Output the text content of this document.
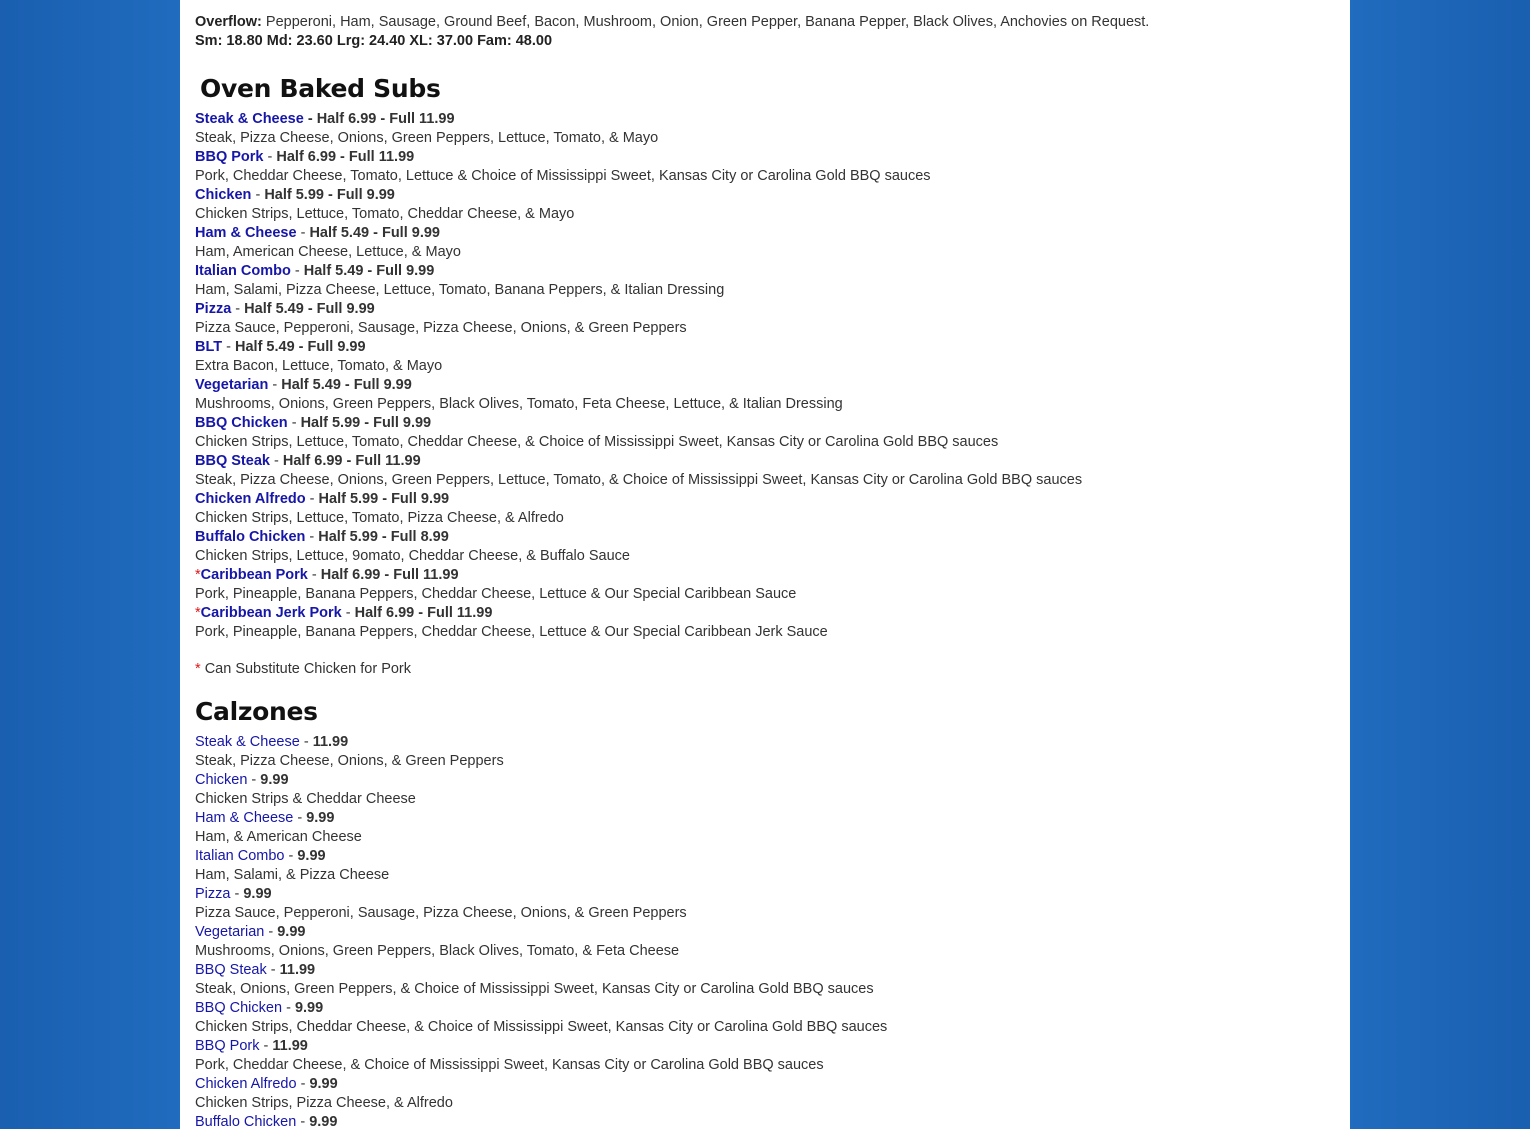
Overflow: Pepperoni, Ham, Sausage, Ground Beef, Bacon, Mushroom, Onion, Green Pepper, Banana Pepper, Black Olives, Anchovies on Request.
Sm: 18.80 Md: 23.60 Lrg: 24.40 XL: 37.00 Fam: 48.00
Oven Baked Subs
Steak & Cheese - Half 6.99 - Full 11.99
Steak, Pizza Cheese, Onions, Green Peppers, Lettuce, Tomato, & Mayo
BBQ Pork - Half 6.99 - Full 11.99
Pork, Cheddar Cheese, Tomato, Lettuce & Choice of Mississippi Sweet, Kansas City or Carolina Gold BBQ sauces
Chicken - Half 5.99 - Full 9.99
Chicken Strips, Lettuce, Tomato, Cheddar Cheese, & Mayo
Ham & Cheese - Half 5.49 - Full 9.99
Ham, American Cheese, Lettuce, & Mayo
Italian Combo - Half 5.49 - Full 9.99
Ham, Salami, Pizza Cheese, Lettuce, Tomato, Banana Peppers, & Italian Dressing
Pizza - Half 5.49 - Full 9.99
Pizza Sauce, Pepperoni, Sausage, Pizza Cheese, Onions, & Green Peppers
BLT - Half 5.49 - Full 9.99
Extra Bacon, Lettuce, Tomato, & Mayo
Vegetarian - Half 5.49 - Full 9.99
Mushrooms, Onions, Green Peppers, Black Olives, Tomato, Feta Cheese, Lettuce, & Italian Dressing
BBQ Chicken - Half 5.99 - Full 9.99
Chicken Strips, Lettuce, Tomato, Cheddar Cheese, & Choice of Mississippi Sweet, Kansas City or Carolina Gold BBQ sauces
BBQ Steak - Half 6.99 - Full 11.99
Steak, Pizza Cheese, Onions, Green Peppers, Lettuce, Tomato, & Choice of Mississippi Sweet, Kansas City or Carolina Gold BBQ sauces
Chicken Alfredo - Half 5.99 - Full 9.99
Chicken Strips, Lettuce, Tomato, Pizza Cheese, & Alfredo
Buffalo Chicken - Half 5.99 - Full 8.99
Chicken Strips, Lettuce, 9omato, Cheddar Cheese, & Buffalo Sauce
*Caribbean Pork - Half 6.99 - Full 11.99
Pork, Pineapple, Banana Peppers, Cheddar Cheese, Lettuce & Our Special Caribbean Sauce
*Caribbean Jerk Pork - Half 6.99 - Full 11.99
Pork, Pineapple, Banana Peppers, Cheddar Cheese, Lettuce & Our Special Caribbean Jerk Sauce
* Can Substitute Chicken for Pork
Calzones
Steak & Cheese - 11.99
Steak, Pizza Cheese, Onions, & Green Peppers
Chicken - 9.99
Chicken Strips & Cheddar Cheese
Ham & Cheese - 9.99
Ham, & American Cheese
Italian Combo - 9.99
Ham, Salami, & Pizza Cheese
Pizza - 9.99
Pizza Sauce, Pepperoni, Sausage, Pizza Cheese, Onions, & Green Peppers
Vegetarian - 9.99
Mushrooms, Onions, Green Peppers, Black Olives, Tomato, & Feta Cheese
BBQ Steak - 11.99
Steak, Onions, Green Peppers, & Choice of Mississippi Sweet, Kansas City or Carolina Gold BBQ sauces
BBQ Chicken - 9.99
Chicken Strips, Cheddar Cheese, & Choice of Mississippi Sweet, Kansas City or Carolina Gold BBQ sauces
BBQ Pork - 11.99
Pork, Cheddar Cheese, & Choice of Mississippi Sweet, Kansas City or Carolina Gold BBQ sauces
Chicken Alfredo - 9.99
Chicken Strips, Pizza Cheese, & Alfredo
Buffalo Chicken - 9.99
